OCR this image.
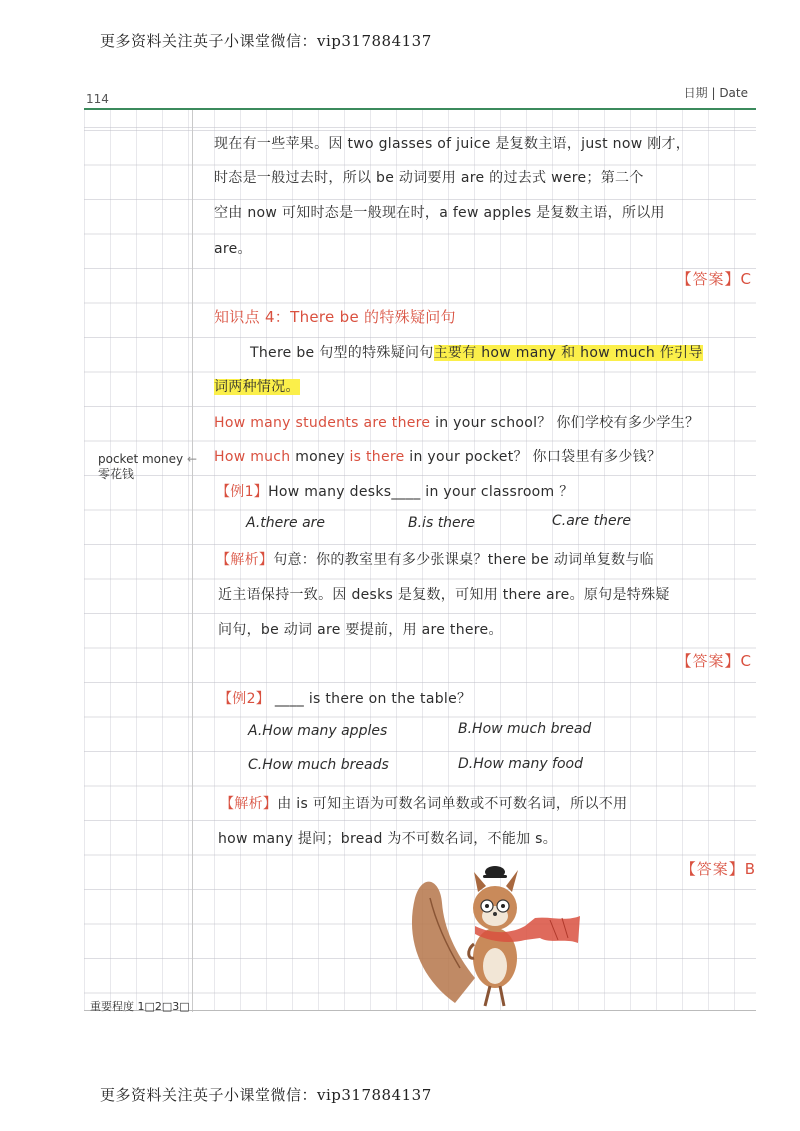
更多资料关注英子小课堂微信：vip317884137
114	日期 | Date
pocket money ←
零花钱
现在有一些苹果。因 two glasses of juice 是复数主语，just now 刚才，
时态是一般过去时，所以 be 动词要用 are 的过去式 were；第二个
空由 now 可知时态是一般现在时，a few apples 是复数主语，所以用
are。
【答案】C
知识点 4：There be 的特殊疑问句
There be 句型的特殊疑问句主要有 how many 和 how much 作引导
词两种情况。
How many students are there in your school？ 你们学校有多少学生？
How much money is there in your pocket？ 你口袋里有多少钱？
【例1】How many desks____ in your classroom ？
A.there are	B.is there	C.are there
【解析】句意：你的教室里有多少张课桌？there be 动词单复数与临
近主语保持一致。因 desks 是复数，可知用 there are。原句是特殊疑
问句，be 动词 are 要提前，用 are there。
【答案】C
【例2】 ____ is there on the table？
A.How many apples	B.How much bread
C.How much breads	D.How many food
【解析】由 is 可知主语为可数名词单数或不可数名词，所以不用
how many 提问；bread 为不可数名词，不能加 s。
【答案】B
重要程度 1□2□3□
更多资料关注英子小课堂微信：vip317884137
